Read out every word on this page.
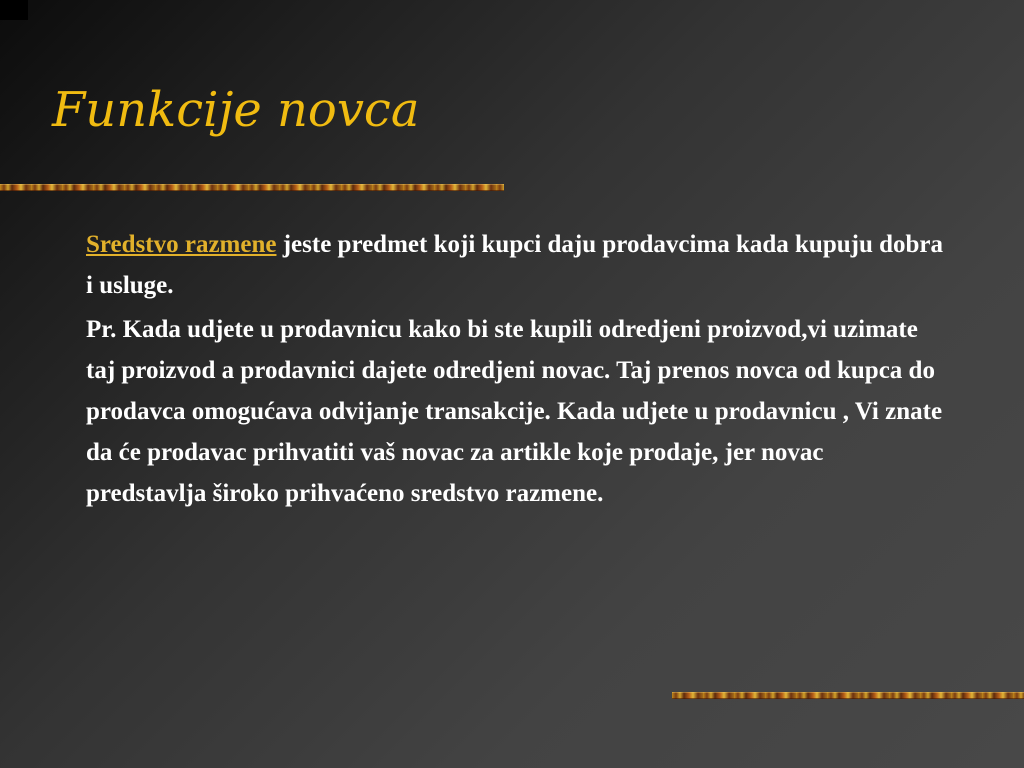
Funkcije novca

Sredstvo razmene jeste predmet koji kupci daju prodavcima kada kupuju dobra i usluge.

Pr. Kada udjete u prodavnicu kako bi ste kupili odredjeni proizvod,vi uzimate taj proizvod a prodavnici dajete odredjeni novac. Taj prenos novca od kupca do prodavca omogućava odvijanje transakcije. Kada udjete u prodavnicu , Vi znate da će prodavac prihvatiti vaš novac za artikle koje prodaje, jer novac predstavlja široko prihvaćeno sredstvo razmene.
